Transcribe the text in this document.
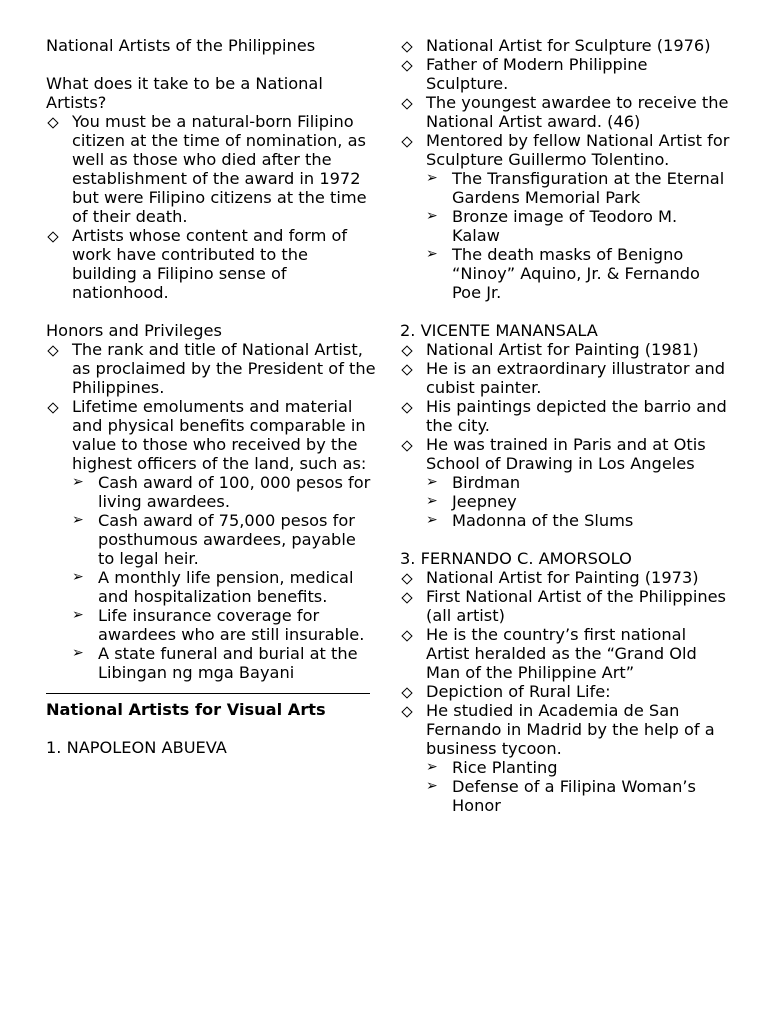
National Artists of the Philippines

What does it take to be a National Artists?

You must be a natural-born Filipino citizen at the time of nomination, as well as those who died after the establishment of the award in 1972 but were Filipino citizens at the time of their death.
Artists whose content and form of work have contributed to the building a Filipino sense of nationhood.

Honors and Privileges

The rank and title of National Artist, as proclaimed by the President of the Philippines.
Lifetime emoluments and material and physical benefits comparable in value to those who received by the highest officers of the land, such as:
➢ Cash award of 100, 000 pesos for living awardees.
➢ Cash award of 75,000 pesos for posthumous awardees, payable to legal heir.
➢ A monthly life pension, medical and hospitalization benefits.
➢ Life insurance coverage for awardees who are still insurable.
➢ A state funeral and burial at the Libingan ng mga Bayani

National Artists for Visual Arts

1. NAPOLEON ABUEVA

National Artist for Sculpture (1976)
Father of Modern Philippine Sculpture.
The youngest awardee to receive the National Artist award. (46)
Mentored by fellow National Artist for Sculpture Guillermo Tolentino.
➢ The Transfiguration at the Eternal Gardens Memorial Park
➢ Bronze image of Teodoro M. Kalaw
➢ The death masks of Benigno “Ninoy” Aquino, Jr. & Fernando Poe Jr.

2. VICENTE MANANSALA

National Artist for Painting (1981)
He is an extraordinary illustrator and cubist painter.
His paintings depicted the barrio and the city.
He was trained in Paris and at Otis School of Drawing in Los Angeles
➢ Birdman
➢ Jeepney
➢ Madonna of the Slums

3. FERNANDO C. AMORSOLO

National Artist for Painting (1973)
First National Artist of the Philippines (all artist)
He is the country’s first national Artist heralded as the “Grand Old Man of the Philippine Art”
Depiction of Rural Life:
He studied in Academia de San Fernando in Madrid by the help of a business tycoon.
➢ Rice Planting
➢ Defense of a Filipina Woman’s Honor
